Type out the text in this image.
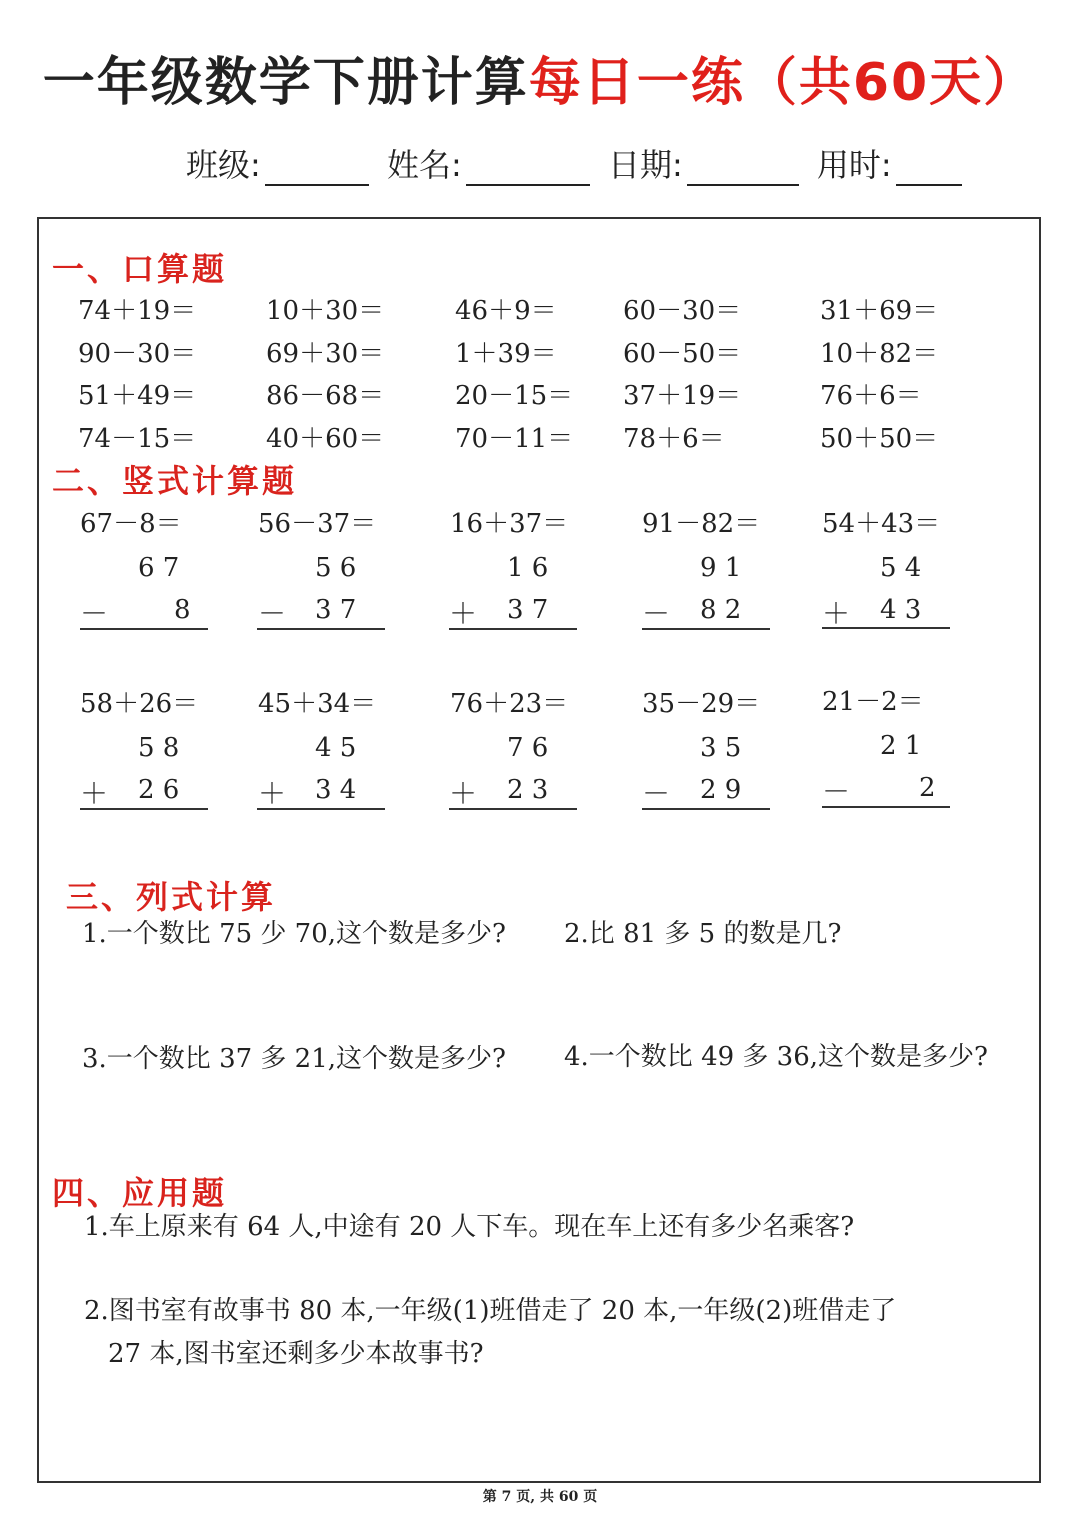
一年级数学下册计算每日一练（共60天）
班级:	姓名:	日期:	用时:
一、口算题
74＋19＝	10＋30＝	46＋9＝	60－30＝	31＋69＝
90－30＝	69＋30＝	1＋39＝	60－50＝	10＋82＝
51＋49＝	86－68＝	20－15＝ 37＋19＝	76＋6＝
74－15＝	40＋60＝	70－11＝ 78＋6＝	50＋50＝
二、竖式计算题
67－8＝
6 7
－	8
56－37＝
5 6
－ 3 7
16＋37＝
1 6
＋ 3 7
91－82＝
9 1
－ 8 2
54＋43＝
5 4
＋ 4 3
58＋26＝
5 8
＋ 2 6
45＋34＝
4 5
＋ 3 4
76＋23＝
7 6
＋ 2 3
35－29＝
3 5
－ 2 9
21－2＝
2 1
－	2
三、列式计算
1.一个数比 75 少 70,这个数是多少? 2.比 81 多 5 的数是几?
3.一个数比 37 多 21,这个数是多少? 4.一个数比 49 多 36,这个数是多少?
四、应用题
1.车上原来有 64 人,中途有 20 人下车。现在车上还有多少名乘客?
2.图书室有故事书 80 本,一年级(1)班借走了 20 本,一年级(2)班借走了
27 本,图书室还剩多少本故事书?
第 7 页, 共 60 页
